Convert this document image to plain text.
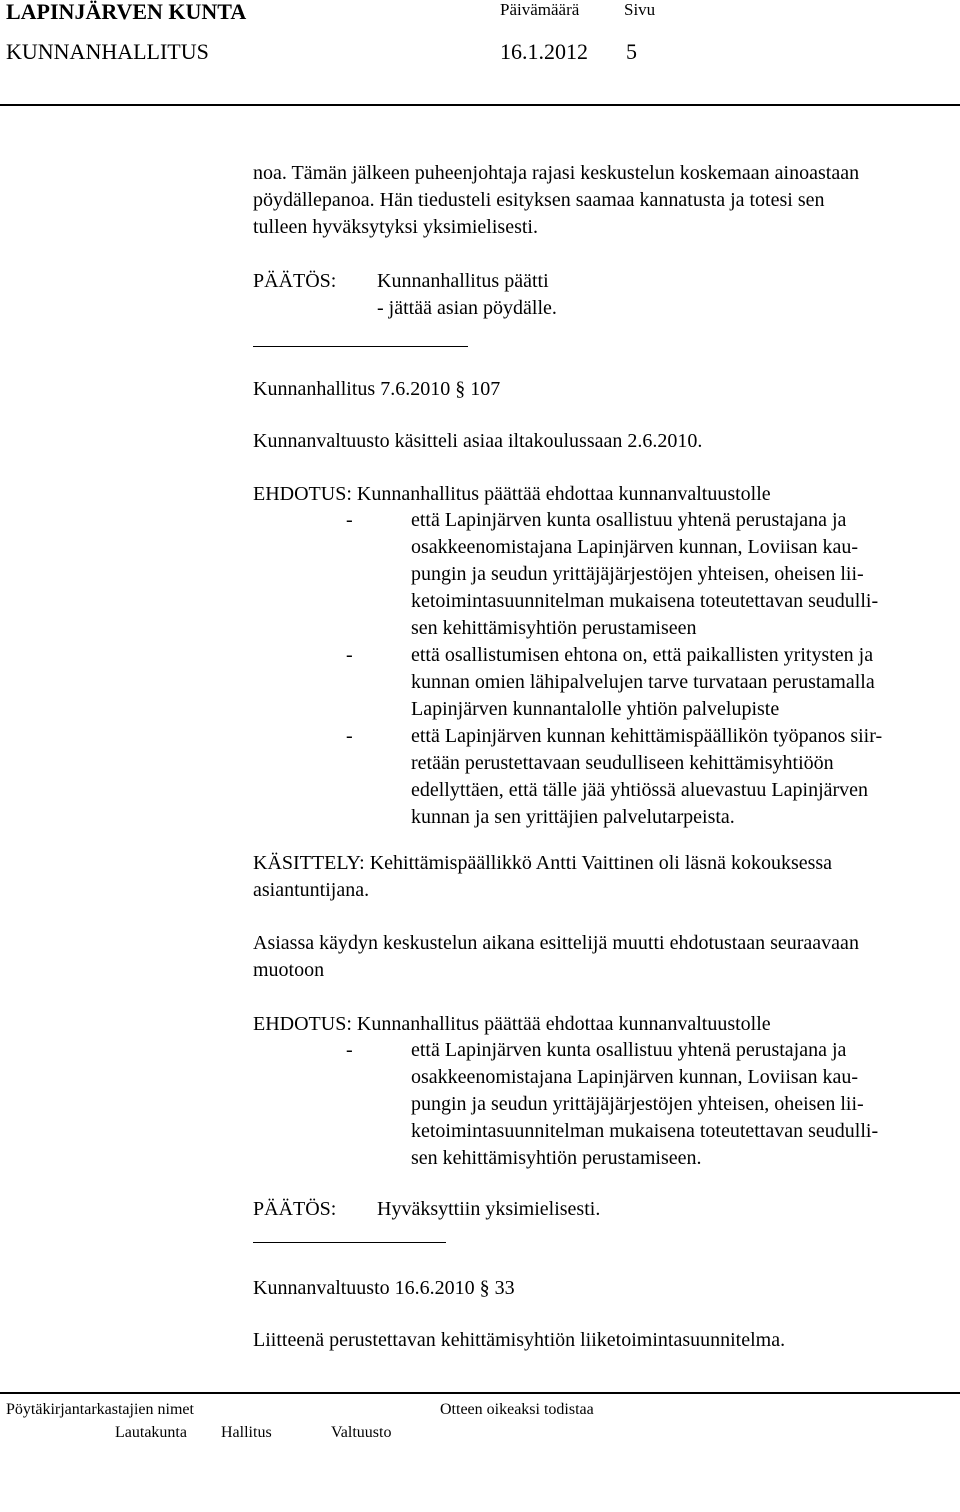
LAPINJÄRVEN KUNTA
KUNNANHALLITUS
Päivämäärä	Sivu
16.1.2012 5
noa. Tämän jälkeen puheenjohtaja rajasi keskustelun koskemaan ainoastaan
pöydällepanoa. Hän tiedusteli esityksen saamaa kannatusta ja totesi sen
tulleen hyväksytyksi yksimielisesti.
PÄÄTÖS: Kunnanhallitus päätti
- jättää asian pöydälle.
Kunnanhallitus 7.6.2010 § 107
Kunnanvaltuusto käsitteli asiaa iltakoulussaan 2.6.2010.
EHDOTUS: Kunnanhallitus päättää ehdottaa kunnanvaltuustolle
-	että Lapinjärven kunta osallistuu yhtenä perustajana ja
osakkeenomistajana Lapinjärven kunnan, Loviisan kau-
pungin ja seudun yrittäjäjärjestöjen yhteisen, oheisen lii-
ketoimintasuunnitelman mukaisena toteutettavan seudulli-
sen kehittämisyhtiön perustamiseen
-	että osallistumisen ehtona on, että paikallisten yritysten ja
kunnan omien lähipalvelujen tarve turvataan perustamalla
Lapinjärven kunnantalolle yhtiön palvelupiste
-	että Lapinjärven kunnan kehittämispäällikön työpanos siir-
retään perustettavaan seudulliseen kehittämisyhtiöön
edellyttäen, että tälle jää yhtiössä aluevastuu Lapinjärven
kunnan ja sen yrittäjien palvelutarpeista.
KÄSITTELY: Kehittämispäällikkö Antti Vaittinen oli läsnä kokouksessa
asiantuntijana.
Asiassa käydyn keskustelun aikana esittelijä muutti ehdotustaan seuraavaan
muotoon
EHDOTUS: Kunnanhallitus päättää ehdottaa kunnanvaltuustolle
-	että Lapinjärven kunta osallistuu yhtenä perustajana ja
osakkeenomistajana Lapinjärven kunnan, Loviisan kau-
pungin ja seudun yrittäjäjärjestöjen yhteisen, oheisen lii-
ketoimintasuunnitelman mukaisena toteutettavan seudulli-
sen kehittämisyhtiön perustamiseen.
PÄÄTÖS: Hyväksyttiin yksimielisesti.
Kunnanvaltuusto 16.6.2010 § 33
Liitteenä perustettavan kehittämisyhtiön liiketoimintasuunnitelma.
Pöytäkirjantarkastajien nimet	Otteen oikeaksi todistaa
Lautakunta Hallitus	Valtuusto
